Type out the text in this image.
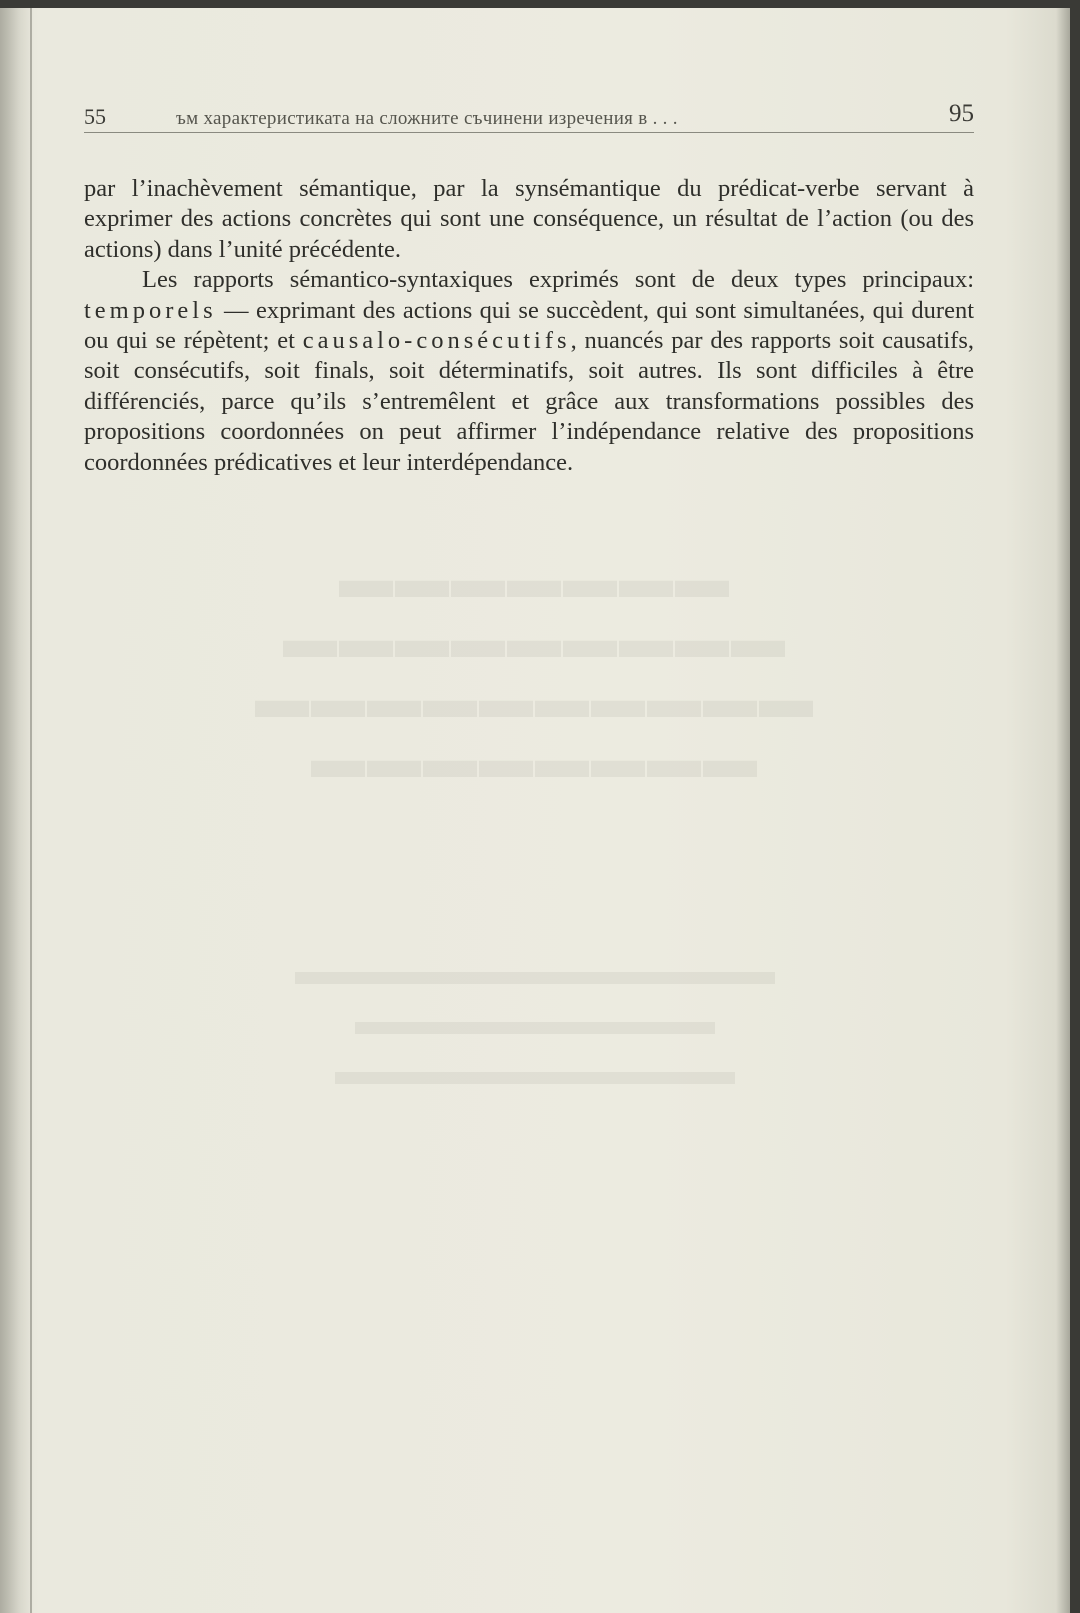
▬▬▬▬▬▬▬
▬▬▬▬▬▬▬▬▬
▬▬▬▬▬▬▬▬▬▬
▬▬▬▬▬▬▬▬
▬▬▬▬▬▬▬▬▬▬▬▬
▬▬▬▬▬▬▬▬▬
▬▬▬▬▬▬▬▬▬▬
55	ъм характеристиката на сложните съчинени изречения в . . .	95

par l’inachèvement sémantique, par la synsémantique du prédicat-verbe servant à exprimer des actions concrètes qui sont une conséquence, un résultat de l’action (ou des actions) dans l’unité précédente.

Les rapports sémantico-syntaxiques exprimés sont de deux types principaux: temporels — exprimant des actions qui se succèdent, qui sont simultanées, qui durent ou qui se répètent; et causalo-consécutifs, nuancés par des rapports soit causatifs, soit consécutifs, soit finals, soit déterminatifs, soit autres. Ils sont difficiles à être différenciés, parce qu’ils s’entremêlent et grâce aux transformations possibles des propositions coordonnées on peut affirmer l’indépendance relative des propositions coordonnées prédicatives et leur interdépendance.
